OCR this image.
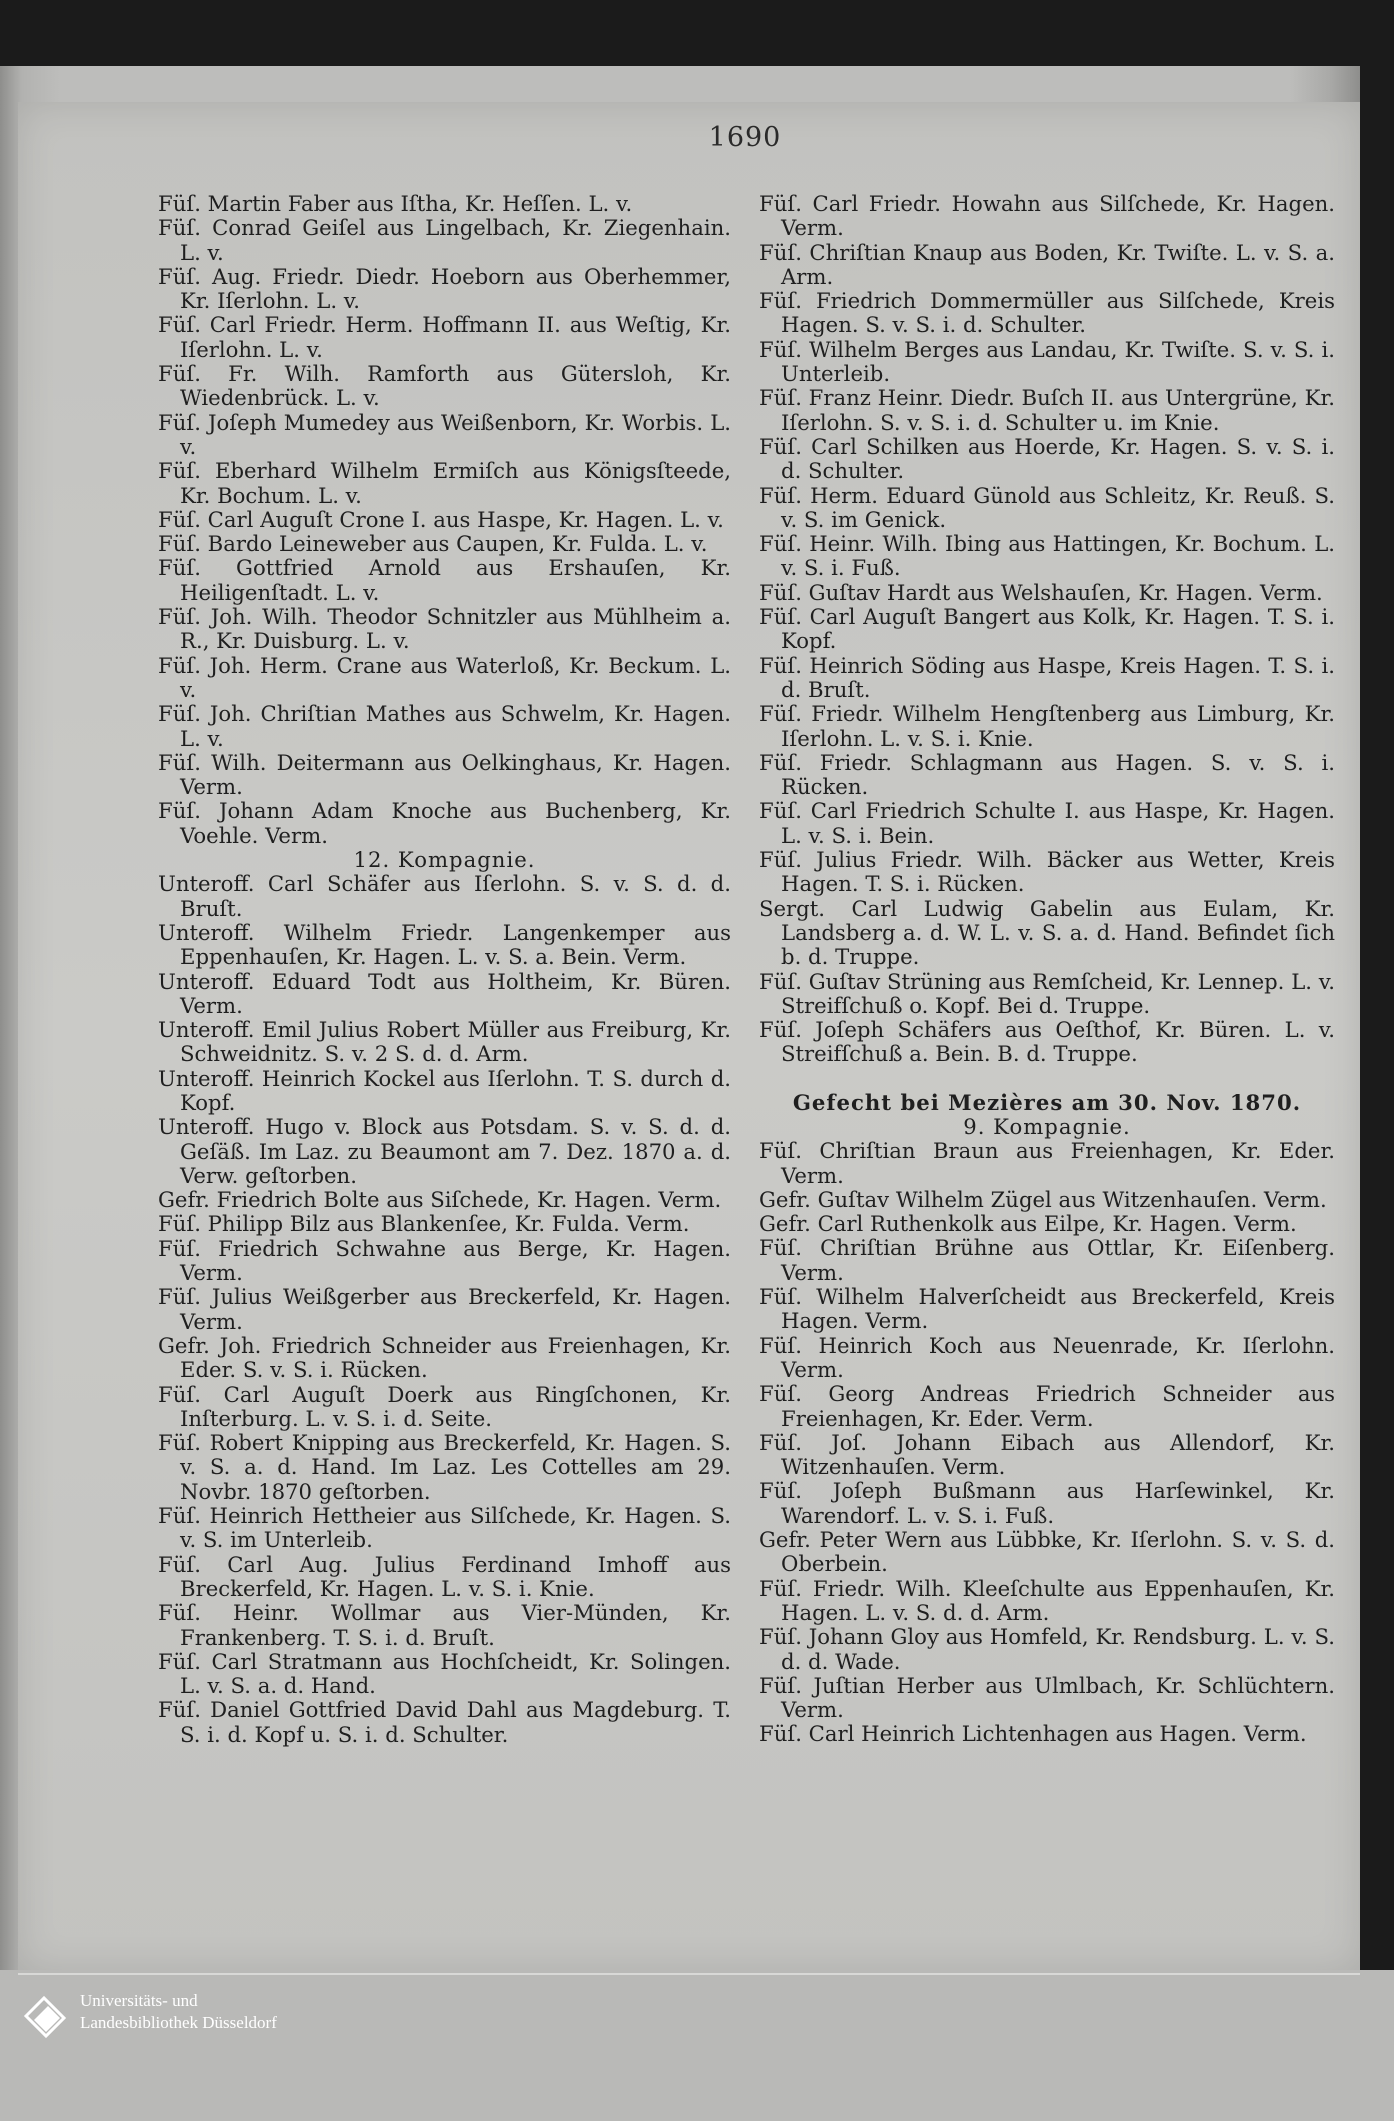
1690

Füſ. Martin Faber aus Iſtha, Kr. Heſſen. L. v.

Füſ. Conrad Geiſel aus Lingelbach, Kr. Ziegenhain. L. v.

Füſ. Aug. Friedr. Diedr. Hoeborn aus Oberhemmer, Kr. Iſerlohn. L. v.

Füſ. Carl Friedr. Herm. Hoffmann II. aus Weſtig, Kr. Iſerlohn. L. v.

Füſ. Fr. Wilh. Ramforth aus Gütersloh, Kr. Wiedenbrück. L. v.

Füſ. Joſeph Mumedey aus Weißenborn, Kr. Worbis. L. v.

Füſ. Eberhard Wilhelm Ermiſch aus Königsſteede, Kr. Bochum. L. v.

Füſ. Carl Auguſt Crone I. aus Haspe, Kr. Hagen. L. v.

Füſ. Bardo Leineweber aus Caupen, Kr. Fulda. L. v.

Füſ. Gottfried Arnold aus Ershauſen, Kr. Heiligenſtadt. L. v.

Füſ. Joh. Wilh. Theodor Schnitzler aus Mühlheim a. R., Kr. Duisburg. L. v.

Füſ. Joh. Herm. Crane aus Waterloß, Kr. Beckum. L. v.

Füſ. Joh. Chriſtian Mathes aus Schwelm, Kr. Hagen. L. v.

Füſ. Wilh. Deitermann aus Oelkinghaus, Kr. Hagen. Verm.

Füſ. Johann Adam Knoche aus Buchenberg, Kr. Voehle. Verm.

12. Kompagnie.

Unteroff. Carl Schäfer aus Iſerlohn. S. v. S. d. d. Bruſt.

Unteroff. Wilhelm Friedr. Langenkemper aus Eppenhauſen, Kr. Hagen. L. v. S. a. Bein. Verm.

Unteroff. Eduard Todt aus Holtheim, Kr. Büren. Verm.

Unteroff. Emil Julius Robert Müller aus Freiburg, Kr. Schweidnitz. S. v. 2 S. d. d. Arm.

Unteroff. Heinrich Kockel aus Iſerlohn. T. S. durch d. Kopf.

Unteroff. Hugo v. Block aus Potsdam. S. v. S. d. d. Geſäß. Im Laz. zu Beaumont am 7. Dez. 1870 a. d. Verw. geſtorben.

Gefr. Friedrich Bolte aus Siſchede, Kr. Hagen. Verm.

Füſ. Philipp Bilz aus Blankenſee, Kr. Fulda. Verm.

Füſ. Friedrich Schwahne aus Berge, Kr. Hagen. Verm.

Füſ. Julius Weißgerber aus Breckerfeld, Kr. Hagen. Verm.

Gefr. Joh. Friedrich Schneider aus Freienhagen, Kr. Eder. S. v. S. i. Rücken.

Füſ. Carl Auguſt Doerk aus Ringſchonen, Kr. Inſterburg. L. v. S. i. d. Seite.

Füſ. Robert Knipping aus Breckerfeld, Kr. Hagen. S. v. S. a. d. Hand. Im Laz. Les Cottelles am 29. Novbr. 1870 geſtorben.

Füſ. Heinrich Hettheier aus Silſchede, Kr. Hagen. S. v. S. im Unterleib.

Füſ. Carl Aug. Julius Ferdinand Imhoff aus Breckerfeld, Kr. Hagen. L. v. S. i. Knie.

Füſ. Heinr. Wollmar aus Vier-Münden, Kr. Frankenberg. T. S. i. d. Bruſt.

Füſ. Carl Stratmann aus Hochſcheidt, Kr. Solingen. L. v. S. a. d. Hand.

Füſ. Daniel Gottfried David Dahl aus Magdeburg. T. S. i. d. Kopf u. S. i. d. Schulter.

Füſ. Carl Friedr. Howahn aus Silſchede, Kr. Hagen. Verm.

Füſ. Chriſtian Knaup aus Boden, Kr. Twiſte. L. v. S. a. Arm.

Füſ. Friedrich Dommermüller aus Silſchede, Kreis Hagen. S. v. S. i. d. Schulter.

Füſ. Wilhelm Berges aus Landau, Kr. Twiſte. S. v. S. i. Unterleib.

Füſ. Franz Heinr. Diedr. Buſch II. aus Untergrüne, Kr. Iſerlohn. S. v. S. i. d. Schulter u. im Knie.

Füſ. Carl Schilken aus Hoerde, Kr. Hagen. S. v. S. i. d. Schulter.

Füſ. Herm. Eduard Günold aus Schleitz, Kr. Reuß. S. v. S. im Genick.

Füſ. Heinr. Wilh. Ibing aus Hattingen, Kr. Bochum. L. v. S. i. Fuß.

Füſ. Guſtav Hardt aus Welshauſen, Kr. Hagen. Verm.

Füſ. Carl Auguſt Bangert aus Kolk, Kr. Hagen. T. S. i. Kopf.

Füſ. Heinrich Söding aus Haspe, Kreis Hagen. T. S. i. d. Bruſt.

Füſ. Friedr. Wilhelm Hengſtenberg aus Limburg, Kr. Iſerlohn. L. v. S. i. Knie.

Füſ. Friedr. Schlagmann aus Hagen. S. v. S. i. Rücken.

Füſ. Carl Friedrich Schulte I. aus Haspe, Kr. Hagen. L. v. S. i. Bein.

Füſ. Julius Friedr. Wilh. Bäcker aus Wetter, Kreis Hagen. T. S. i. Rücken.

Sergt. Carl Ludwig Gabelin aus Eulam, Kr. Landsberg a. d. W. L. v. S. a. d. Hand. Befindet ſich b. d. Truppe.

Füſ. Guſtav Strüning aus Remſcheid, Kr. Lennep. L. v. Streifſchuß o. Kopf. Bei d. Truppe.

Füſ. Joſeph Schäfers aus Oeſthof, Kr. Büren. L. v. Streifſchuß a. Bein. B. d. Truppe.

Gefecht bei Mezières am 30. Nov. 1870.

9. Kompagnie.

Füſ. Chriſtian Braun aus Freienhagen, Kr. Eder. Verm.

Gefr. Guſtav Wilhelm Zügel aus Witzenhauſen. Verm.

Gefr. Carl Ruthenkolk aus Eilpe, Kr. Hagen. Verm.

Füſ. Chriſtian Brühne aus Ottlar, Kr. Eiſenberg. Verm.

Füſ. Wilhelm Halverſcheidt aus Breckerfeld, Kreis Hagen. Verm.

Füſ. Heinrich Koch aus Neuenrade, Kr. Iſerlohn. Verm.

Füſ. Georg Andreas Friedrich Schneider aus Freienhagen, Kr. Eder. Verm.

Füſ. Joſ. Johann Eibach aus Allendorf, Kr. Witzenhauſen. Verm.

Füſ. Joſeph Bußmann aus Harſewinkel, Kr. Warendorf. L. v. S. i. Fuß.

Gefr. Peter Wern aus Lübbke, Kr. Iſerlohn. S. v. S. d. Oberbein.

Füſ. Friedr. Wilh. Kleeſchulte aus Eppenhauſen, Kr. Hagen. L. v. S. d. d. Arm.

Füſ. Johann Gloy aus Homfeld, Kr. Rendsburg. L. v. S. d. d. Wade.

Füſ. Juſtian Herber aus Ulmlbach, Kr. Schlüchtern. Verm.

Füſ. Carl Heinrich Lichtenhagen aus Hagen. Verm.

Universitäts- und
Landesbibliothek Düsseldorf
